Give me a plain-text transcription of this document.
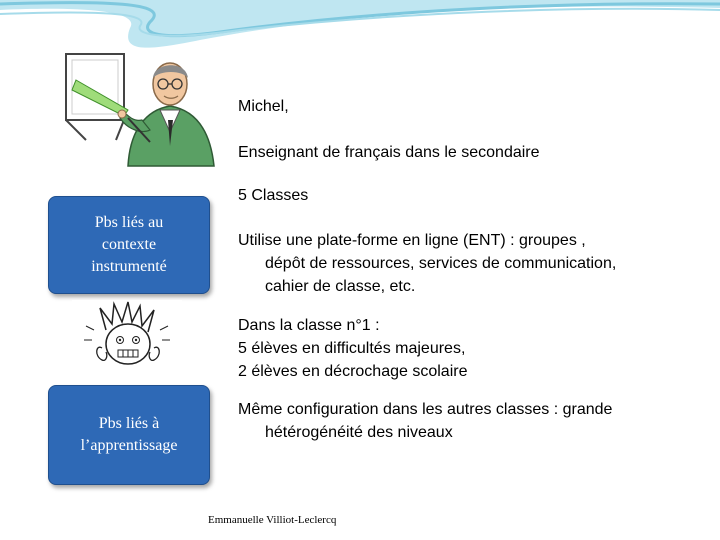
Pbs liés au
contexte
instrumenté
Pbs liés à
l’apprentissage
Michel,
Enseignant de français dans le secondaire
5 Classes
Utilise une plate-forme en ligne (ENT) : groupes ,
dépôt de ressources, services de communication,
cahier de classe, etc.
Dans la classe n°1 :
5 élèves en difficultés majeures,
2 élèves en décrochage scolaire
Même configuration dans les autres classes : grande
hétérogénéité des niveaux
Emmanuelle Villiot-Leclercq
